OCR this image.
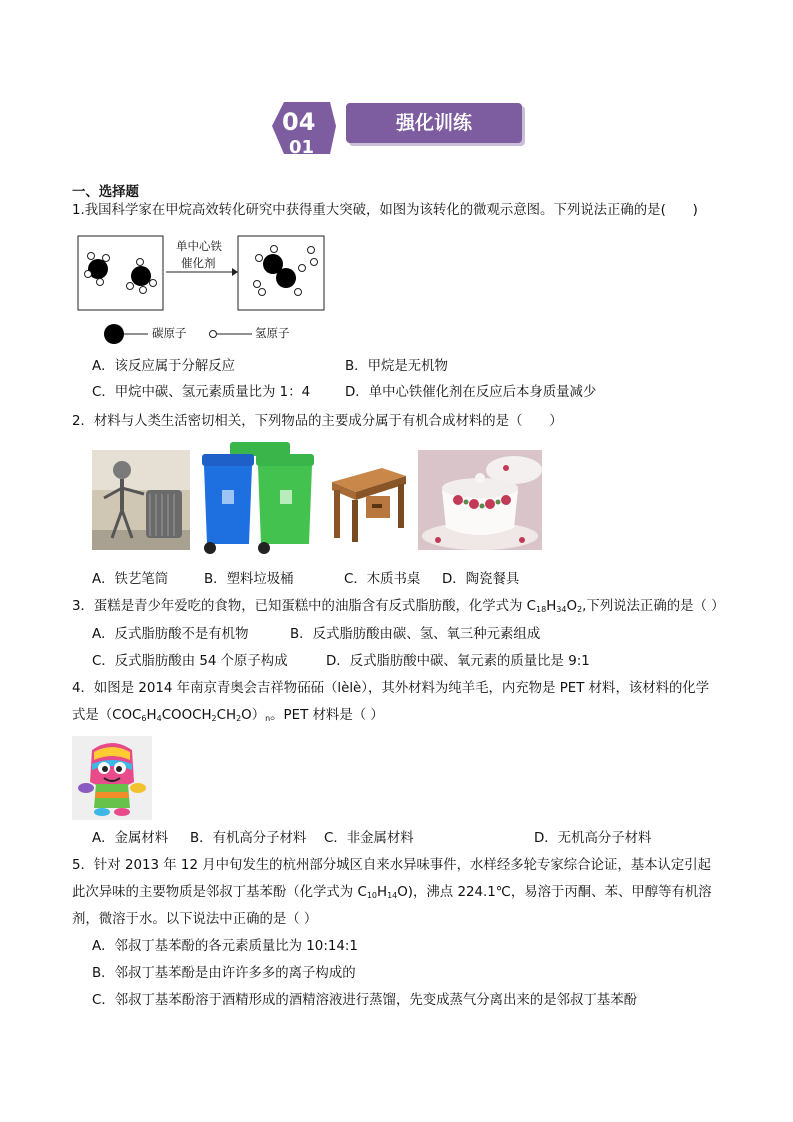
04
01
强化训练
一、选择题
1.我国科学家在甲烷高效转化研究中获得重大突破，如图为该转化的微观示意图。下列说法正确的是(　　)
单中心铁
催化剂
碳原子	氢原子
A．该反应属于分解反应	B．甲烷是无机物
C．甲烷中碳、氢元素质量比为 1：4	D．单中心铁催化剂在反应后本身质量减少
2．材料与人类生活密切相关，下列物品的主要成分属于有机合成材料的是（　　）
A．铁艺笔筒	B．塑料垃圾桶	C．木质书桌 D．陶瓷餐具
3．蛋糕是青少年爱吃的食物，已知蛋糕中的油脂含有反式脂肪酸，化学式为 $C_{18}H_{34}O_2$,下列说法正确的是（ ）
A．反式脂肪酸不是有机物	B．反式脂肪酸由碳、氢、氧三种元素组成
C．反式脂肪酸由 54 个原子构成	D．反式脂肪酸中碳、氧元素的质量比是 9:1
4．如图是 2014 年南京青奥会吉祥物砳砳（lèlè），其外材料为纯羊毛，内充物是 PET 材料，该材料的化学
式是$(COC_6H_4COOCH_2CH_2O)_n$。PET 材料是（ ）
A．金属材料 B．有机高分子材料 C．非金属材料	D．无机高分子材料
5．针对 2013 年 12 月中旬发生的杭州部分城区自来水异味事件，水样经多轮专家综合论证，基本认定引起
此次异味的主要物质是邻叔丁基苯酚（化学式为 $C_{10}H_{14}O$)，沸点 224.1℃，易溶于丙酮、苯、甲醇等有机溶
剂，微溶于水。以下说法中正确的是（ ）
A．邻叔丁基苯酚的各元素质量比为 10:14:1
B．邻叔丁基苯酚是由许许多多的离子构成的
C．邻叔丁基苯酚溶于酒精形成的酒精溶液进行蒸馏，先变成蒸气分离出来的是邻叔丁基苯酚
